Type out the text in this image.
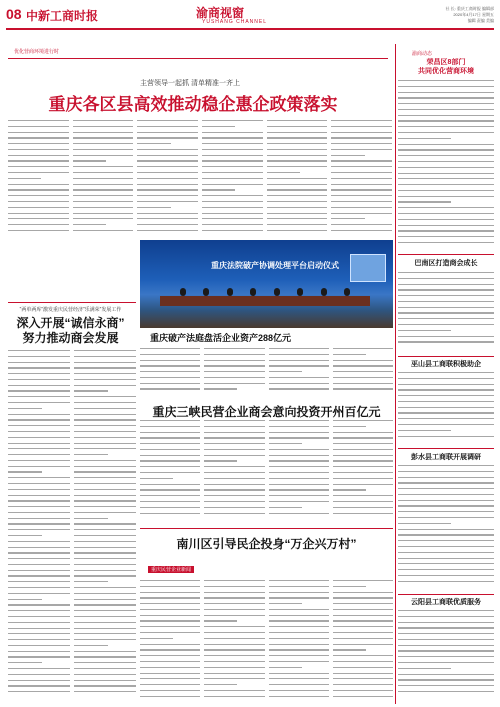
08 中新工商时报	渝商视窗
YUSHANG CHANNEL
社 长: 重庆工商时报 编辑部
2020年4月17日 星期五
编辑 责编 美编
优化营商环境进行时	渝商动态
重庆民营企业新闻
主营领导一起抓 清单精准一齐上
重庆各区县高效推动稳企惠企政策落实
“两单两库”激发重庆民营经济“乐满荣”发展工作
深入开展“诚信永商”
努力推动商会发展
重庆法院破产协调处理平台启动仪式
重庆破产法庭盘活企业资产288亿元
重庆三峡民营企业商会意向投资开州百亿元
南川区引导民企投身“万企兴万村”
荣昌区8部门
共同优化营商环境
巴南区打造商会成长
巫山县工商联积极助企
彭水县工商联开展调研
云阳县工商联优质服务
